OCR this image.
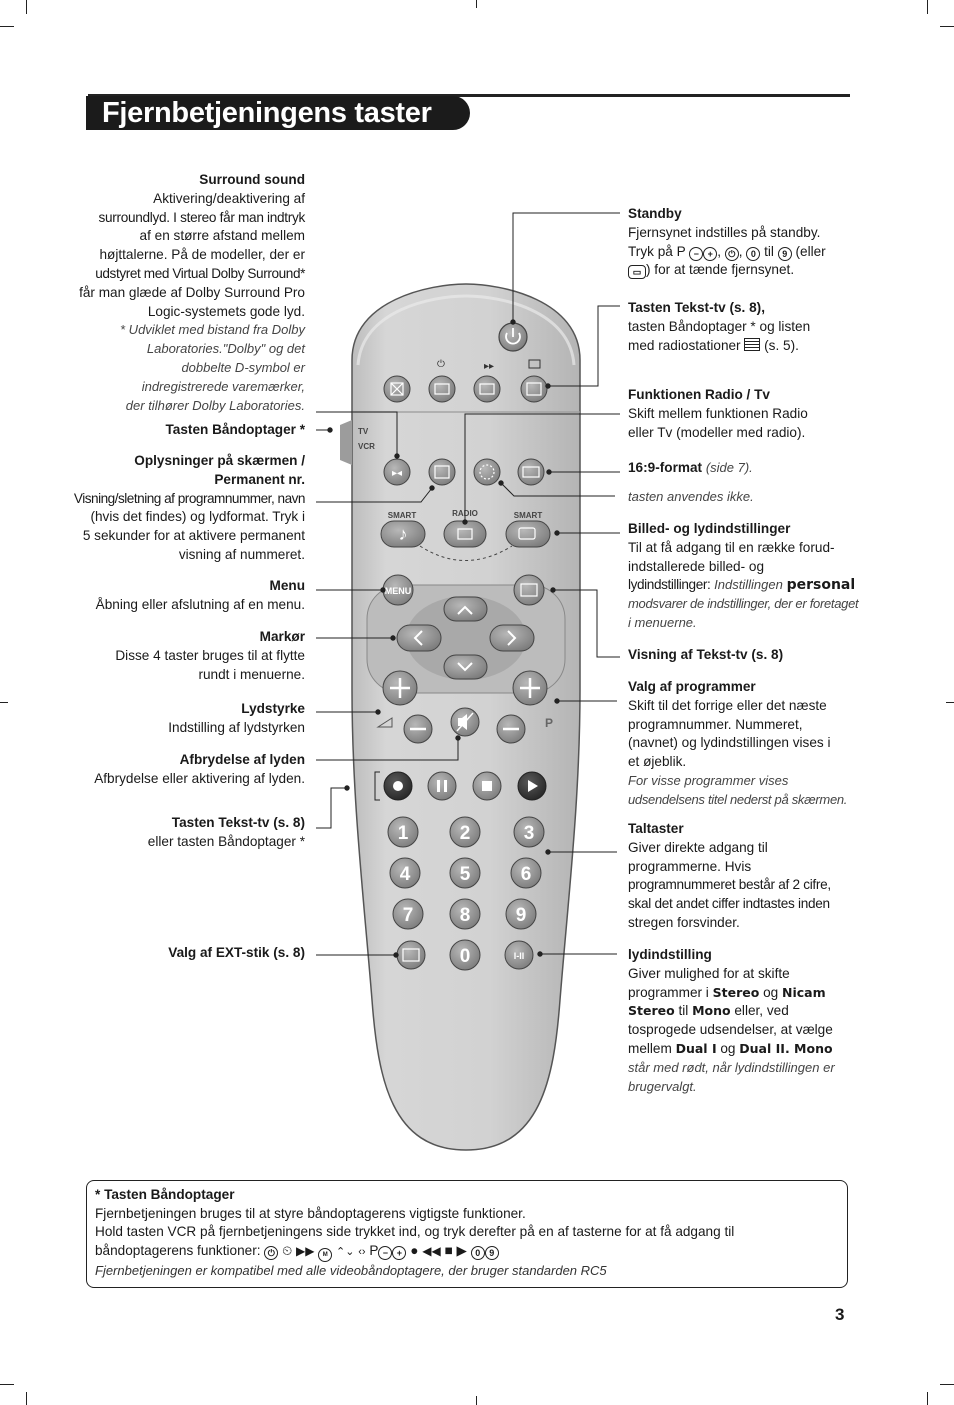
Fjernbetjeningens taster
⏻	▸▸
TV
VCR
▸◂
SMART	RADIO	SMART
♪
MENU
P
1	2	3
4	5	6
7 8 9
0	I-II
Surround sound
Aktivering/deaktivering af
surroundlyd. I stereo får man indtryk
af en større afstand mellem
højttalerne. På de modeller, der er
udstyret med Virtual Dolby Surround*
får man glæde af Dolby Surround Pro
Logic-systemets gode lyd.
* Udviklet med bistand fra Dolby
Laboratories."Dolby" og det
dobbelte D-symbol er
indregistrerede varemærker,
der tilhører Dolby Laboratories.
Tasten Båndoptager *
Oplysninger på skærmen /
Permanent nr.
Visning/sletning af programnummer, navn
(hvis det findes) og lydformat. Tryk i
5 sekunder for at aktivere permanent
visning af nummeret.
Menu
Åbning eller afslutning af en menu.
Markør
Disse 4 taster bruges til at flytte
rundt i menuerne.
Lydstyrke
Indstilling af lydstyrken
Afbrydelse af lyden
Afbrydelse eller aktivering af lyden.
Tasten Tekst-tv (s. 8)
eller tasten Båndoptager *
Valg af EXT-stik (s. 8)
Standby
Fjernsynet indstilles på standby.
Tryk på P − + , ⏻ , 0 til 9 (eller
▭ ) for at tænde fjernsynet.
Tasten Tekst-tv (s. 8),
tasten Båndoptager * og listen
med radiostationer (s. 5).
Funktionen Radio / Tv
Skift mellem funktionen Radio
eller Tv (modeller med radio).
16:9-format (side 7).
tasten anvendes ikke.
Billed- og lydindstillinger
Til at få adgang til en række forud-
indstallerede billed- og
lydindstillinger: Indstillingen personal
modsvarer de indstillinger, der er foretaget
i menuerne.
Visning af Tekst-tv (s. 8)
Valg af programmer
Skift til det forrige eller det næste
programnummer. Nummeret,
(navnet) og lydindstillingen vises i
et øjeblik.
For visse programmer vises
udsendelsens titel nederst på skærmen.
Taltaster
Giver direkte adgang til
programmerne. Hvis
programnummeret består af 2 cifre,
skal det andet ciffer indtastes inden
stregen forsvinder.
lydindstilling
Giver mulighed for at skifte
programmer i Stereo og Nicam
Stereo til Mono eller, ved
tosprogede udsendelser, at vælge
mellem Dual I og Dual II. Mono
står med rødt, når lydindstillingen er
brugervalgt.
* Tasten Båndoptager
Fjernbetjeningen bruges til at styre båndoptagerens vigtigste funktioner.
Hold tasten VCR på fjernbetjeningens side trykket ind, og tryk derefter på en af tasterne for at få adgang til
båndoptagerens funktioner: ⏻ ⏲ ▶▶ M ⌃⌄ ‹› P − + ● ◀◀ ■ ▶ 0 9
Fjernbetjeningen er kompatibel med alle videobåndoptagere, der bruger standarden RC5
3
